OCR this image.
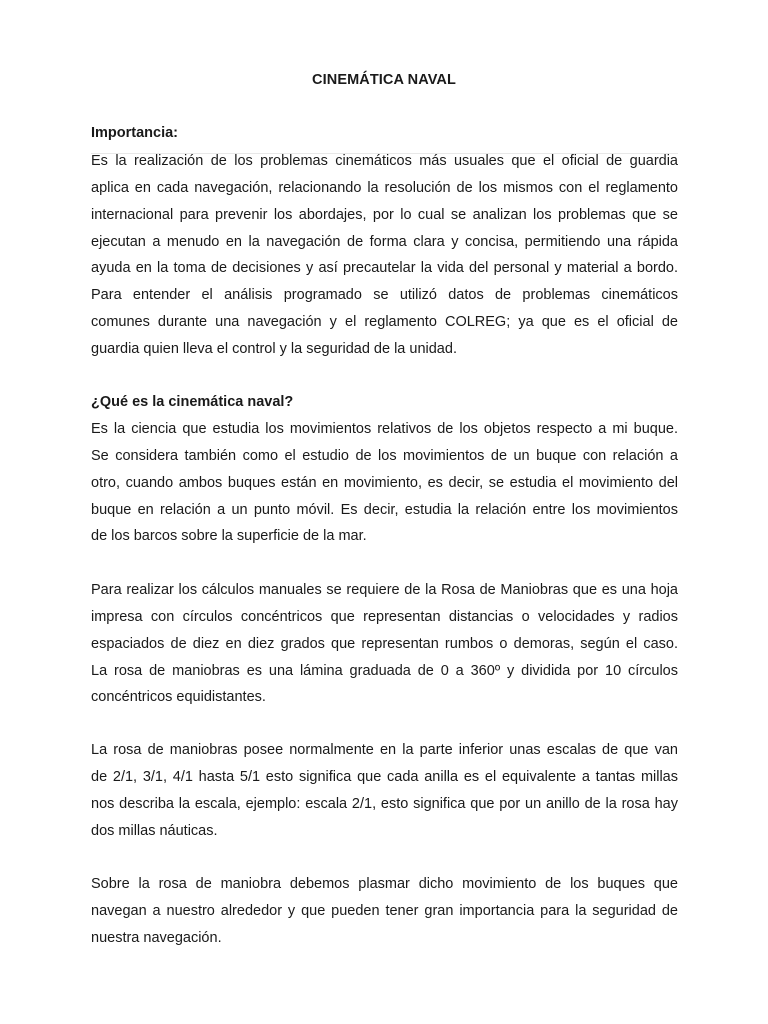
CINEMÁTICA NAVAL
Importancia:
Es la realización de los problemas cinemáticos más usuales que el oficial de guardia
aplica en cada navegación, relacionando la resolución de los mismos con el reglamento
internacional para prevenir los abordajes, por lo cual se analizan los problemas que se
ejecutan a menudo en la navegación de forma clara y concisa, permitiendo una rápida
ayuda en la toma de decisiones y así precautelar la vida del personal y material a bordo.
Para entender el análisis programado se utilizó datos de problemas cinemáticos
comunes durante una navegación y el reglamento COLREG; ya que es el oficial de
guardia quien lleva el control y la seguridad de la unidad.
¿Qué es la cinemática naval?
Es la ciencia que estudia los movimientos relativos de los objetos respecto a mi buque.
Se considera también como el estudio de los movimientos de un buque con relación a
otro, cuando ambos buques están en movimiento, es decir, se estudia el movimiento del
buque en relación a un punto móvil. Es decir, estudia la relación entre los movimientos
de los barcos sobre la superficie de la mar.
Para realizar los cálculos manuales se requiere de la Rosa de Maniobras que es una hoja
impresa con círculos concéntricos que representan distancias o velocidades y radios
espaciados de diez en diez grados que representan rumbos o demoras, según el caso.
La rosa de maniobras es una lámina graduada de 0 a 360º y dividida por 10 círculos
concéntricos equidistantes.
La rosa de maniobras posee normalmente en la parte inferior unas escalas de que van
de 2/1, 3/1, 4/1 hasta 5/1 esto significa que cada anilla es el equivalente a tantas millas
nos describa la escala, ejemplo: escala 2/1, esto significa que por un anillo de la rosa hay
dos millas náuticas.
Sobre la rosa de maniobra debemos plasmar dicho movimiento de los buques que
navegan a nuestro alrededor y que pueden tener gran importancia para la seguridad de
nuestra navegación.
